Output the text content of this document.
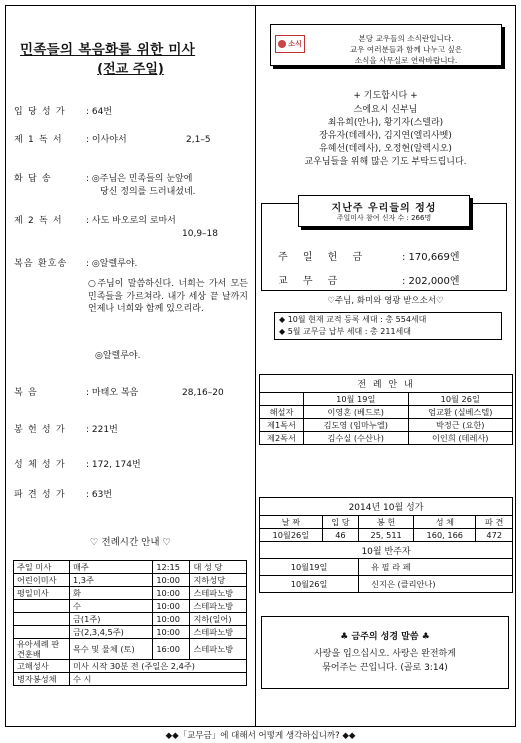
민족들의 복음화를 위한 미사
(전교 주일)
입 당 성 가 : 64번
제 1 독 서	: 이사야서	2,1–5
화 답 송	: ◎주님은 민족들의 눈앞에
당신 정의를 드러내셨네.
제 2 독 서	: 사도 바오로의 로마서
10,9–18
복음 환호송 : ◎알렐루야.
○주님이 말씀하신다. 너희는 가서 모든 민족들을 가르쳐라. 내가 세상 끝 날까지 언제나 너희와 함께 있으리라.
◎알렐루야.
복 음	: 마태오 복음	28,16–20
봉 헌 성 가 : 221번
성 체 성 가 : 172, 174번
파 견 성 가 : 63번
♡ 전례시간 안내 ♡
주일 미사	매주	12:15	대 성 당
어린이미사	1,3주	10:00	지하성당
평일미사	화	10:00	스테파노방
	수	10:00	스테파노방
	금(1주)	10:00	지하(일어)
	금(2,3,4,5주)	10:00	스테파노방
유아세례 판견훈배	목수 및 물체 (토)	16:00	스테파노방
고해성사	미사 시작 30분 전 (주일은 2,4주)		
병자봉성체	수 시		
소식
본당 교우들의 소식란입니다.
교우 여러분들과 함께 나누고 싶은
소식을 사무실로 연락바랍니다.
+ 기도합시다 +
스에요시 신부님
최유희(안나), 황기자(스텔라)
장유자(데레사), 김지연(엘리사벳)
유혜선(데레사), 오정현(알렉시오)
교우님들을 위해 많은 기도 부탁드립니다.
지난주 우리들의 정성
주일미사 참여 신자 수 : 266명
주 일 헌 금	: 170,669엔
교 무 금	: 202,000엔
♡주님, 화미와 영광 받으소서♡
◆ 10월 현재 교적 등록 세대 : 총 554세대
◆ 5월 교무금 납부 세대 : 총 211세대
전 례 안 내		
	10월 19일	10월 26일
해설자	이영혼 (베드로)	엄교환 (실베스텔)
제1독서	김도영 (임마누엘)	박정근 (요한)
제2독서	김수실 (수산나)	이인희 (데레사)
2014년 10월 성가				
날 짜	입 당	봉 헌	성 체	파 견
10월26일	46	25, 511	160, 166	472
10월 반주자				
10월19일		유 필 라 페		
10월26일		신지은 (클리안나)		
♣ 금주의 성경 말씀 ♣
사랑을 입으십시오. 사랑은 완전하게
묶어주는 끈입니다. (골로 3:14)
◆◆「교무금」에 대해서 어떻게 생각하십니까? ◆◆
